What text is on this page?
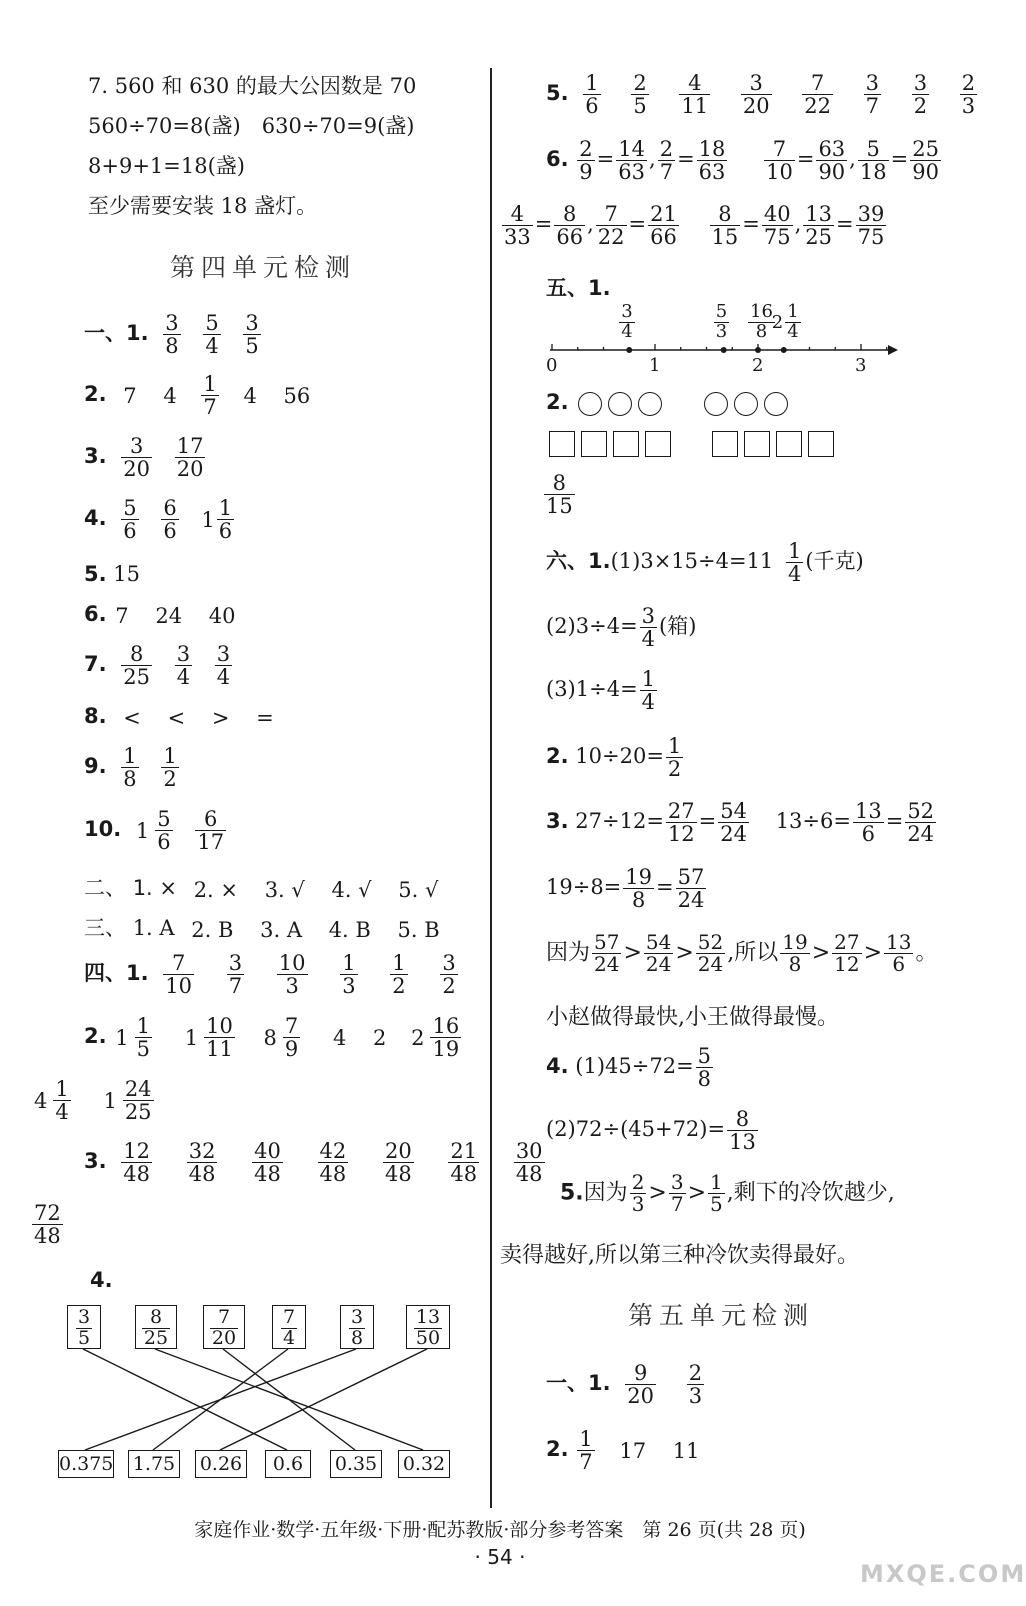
7. 560 和 630 的最大公因数是 70
560÷70=8(盏)　630÷70=9(盏)
8+9+1=18(盏)
至少需要安装 18 盏灯。
第四单元检测
一、1. $\frac{3}{8}$
$\frac{5}{4}$
$\frac{3}{5}$
2. 7 $4 \frac{1}{7} 4$ 56
3. $\frac{3}{20}$
$\frac{17}{20}$
4. $\frac{5}{6}$
$\frac{6}{6} 1 \frac{1}{6}$
5. 15
6. 7 24 40
7. $\frac{8}{25}$
$\frac{3}{4}$
$\frac{3}{4}$
8. < < > =
9. $\frac{1}{8}$
$\frac{1}{2}$
10. $1 \frac{5}{6}$
$\frac{6}{17}$
二、 1. × 2. × 3. √ 4. √ 5. √
三、 1. A 2. B 3. A 4. B 5. B
四、1. $\frac{7}{10}$
$\frac{3}{7}$
$\frac{10}{3}$
$\frac{1}{3}$
$\frac{1}{2}$
$\frac{3}{2}$
2. $1 \frac{1}{5} 1 \frac{10}{11} 8 \frac{7}{9} 4$ 2 $2 \frac{16}{19}$
$4 \frac{1}{4} 1 \frac{24}{25}$
3. $\frac{12}{48}$
$\frac{32}{48}$
$\frac{40}{48}$
$\frac{42}{48}$
$\frac{20}{48}$
$\frac{21}{48}$
$\frac{30}{48}$
$\frac{72}{48}$
4.
$\frac{3}{5}$	$\frac{8}{25} \frac{7}{20} \frac{7}{4}$	$\frac{3}{8}$	$\frac{13}{50}$
0.375 1.75 0.26	0.6	0.35 0.32
5. $\frac{1}{6}$
$\frac{2}{5}$
$\frac{4}{11}$
$\frac{3}{20}$
$\frac{7}{22}$
$\frac{3}{7}$
$\frac{3}{2}$
$\frac{2}{3}$
6. $\frac{2}{9} = \frac{14}{63}$ , $\frac{2}{7} = \frac{18}{63}$
$\frac{7}{10} = \frac{63}{90}$ , $\frac{5}{18} = \frac{25}{90}$
$\frac{4}{33} = \frac{8}{66}$ , $\frac{7}{22} = \frac{21}{66}$
$\frac{8}{15} = \frac{40}{75}$ , $\frac{13}{25} = \frac{39}{75}$
五、1.
0	1	2	3
$\frac{3}{4}$	$\frac{5}{3} \frac{16}{8}$
$2 \frac{1}{4}$
2.

$\frac{8}{15}$
六、$1.(1)3\times 15\div 4=11 \frac{1}{4}$ (千克)
$(2)3\div 4= \frac{3}{4}$ (箱)
$(3)1\div 4= \frac{1}{4}$
2. $10\div 20= \frac{1}{2}$
3. $27\div 12= \frac{27}{12} = \frac{54}{24} 13\div 6= \frac{13}{6} = \frac{52}{24}$
$19\div 8= \frac{19}{8} = \frac{57}{24}$
因为 $\frac{57}{24} > \frac{54}{24} > \frac{52}{24}$ ,所以 $\frac{19}{8} > \frac{27}{12} > \frac{13}{6}$ 。
小赵做得最快,小王做得最慢。
4. $(1)45\div 72= \frac{5}{8}$
$(2)72\div(45+72)= \frac{8}{13}$
5.因为 $\frac{2}{3} > \frac{3}{7} > \frac{1}{5}$ ,剩下的冷饮越少,
卖得越好,所以第三种冷饮卖得最好。
第五单元检测
一、1. $\frac{9}{20}$
$\frac{2}{3}$
2. $\frac{1}{7} 17$ 11
家庭作业·数学·五年级·下册·配苏教版·部分参考答案　第 26 页(共 28 页)
· 54 ·
MXQE.COM
